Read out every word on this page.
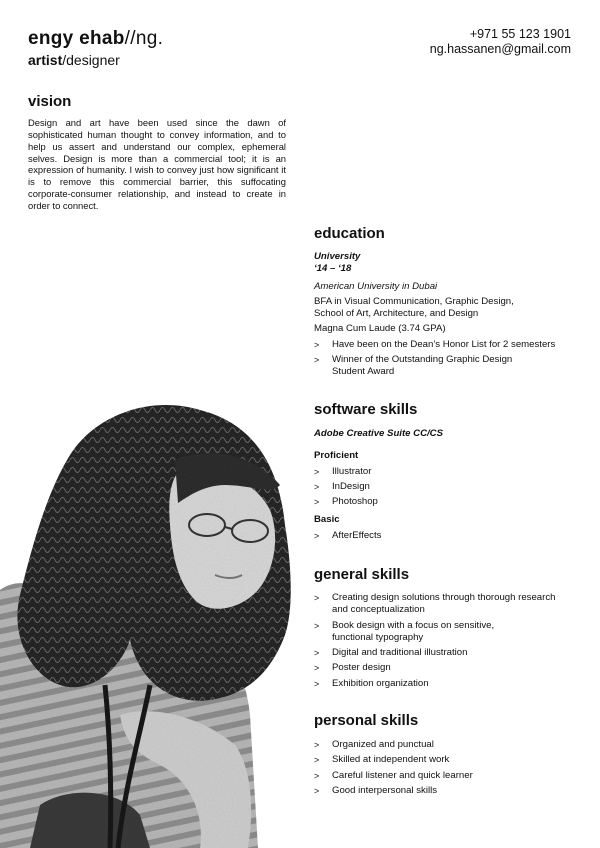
engy ehab//ng.
artist/designer
+971 55 123 1901
ng.hassanen@gmail.com
vision

Design and art have been used since the dawn of sophisticated human thought to convey information, and to help us assert and understand our complex, ephemeral selves. Design is more than a commercial tool; it is an expression of humanity. I wish to convey just how significant it is to remove this commercial barrier, this suffocating corporate-consumer relationship, and instead to create in order to connect.

education

University

‘14 – ‘18

American University in Dubai

BFA in Visual Communication, Graphic Design,

School of Art, Architecture, and Design

Magna Cum Laude (3.74 GPA)

> Have been on the Dean’s Honor List for 2 semesters
> Winner of the Outstanding Graphic Design Student Award
software skills

Adobe Creative Suite CC/CS

Proficient

> Illustrator
> InDesign
> Photoshop

Basic

> AfterEffects
general skills
> Creating design solutions through thorough research and conceptualization
> Book design with a focus on sensitive, functional typography
> Digital and traditional illustration
> Poster design
> Exhibition organization
personal skills
> Organized and punctual
> Skilled at independent work
> Careful listener and quick learner
> Good interpersonal skills
